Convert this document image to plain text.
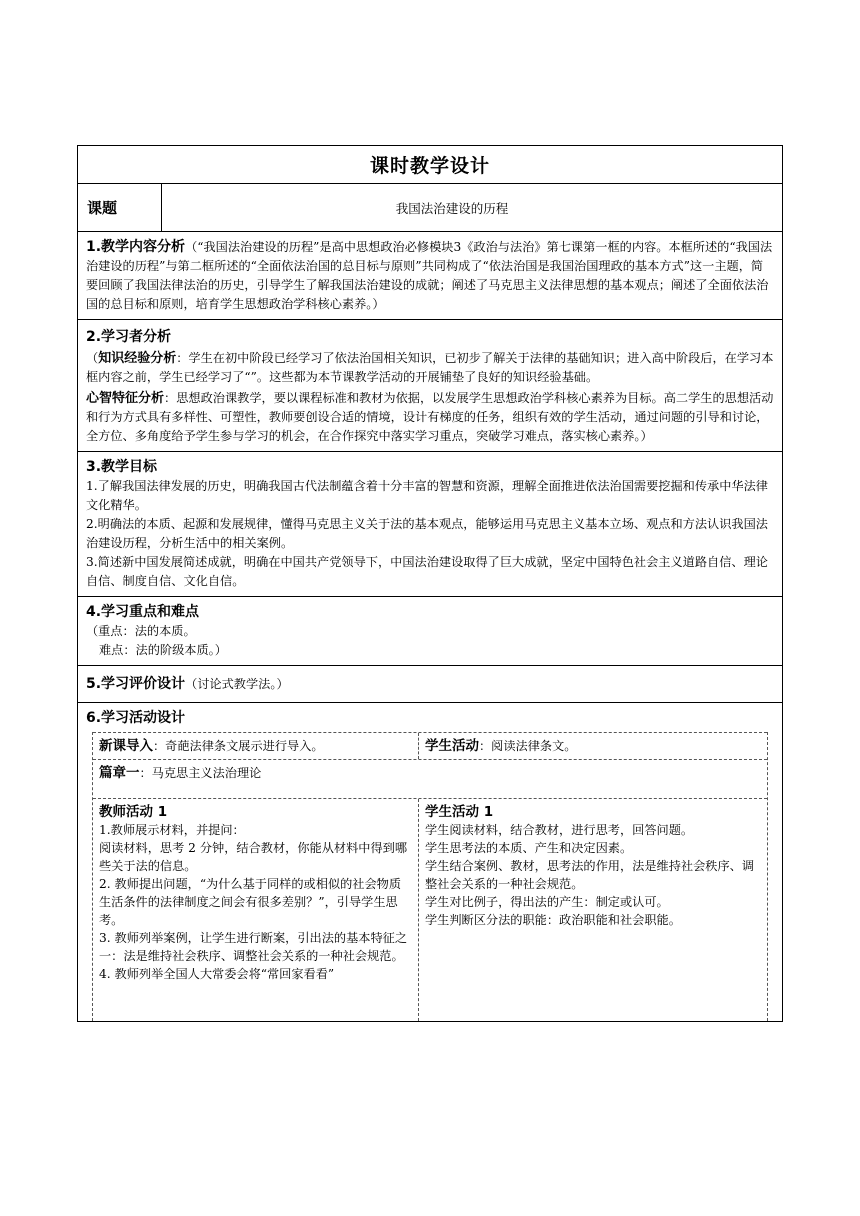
课时教学设计
课题	我国法治建设的历程

1.教学内容分析（“我国法治建设的历程”是高中思想政治必修模块3《政治与法治》第七课第一框的内容。本框所述的“我国法治建设的历程”与第二框所述的“全面依法治国的总目标与原则”共同构成了“依法治国是我国治国理政的基本方式”这一主题，简要回顾了我国法律法治的历史，引导学生了解我国法治建设的成就；阐述了马克思主义法律思想的基本观点；阐述了全面依法治国的总目标和原则，培育学生思想政治学科核心素养。）

2.学习者分析

（知识经验分析：学生在初中阶段已经学习了依法治国相关知识，已初步了解关于法律的基础知识；进入高中阶段后，在学习本框内容之前，学生已经学习了“”。这些都为本节课教学活动的开展铺垫了良好的知识经验基础。

心智特征分析：思想政治课教学，要以课程标准和教材为依据，以发展学生思想政治学科核心素养为目标。高二学生的思想活动和行为方式具有多样性、可塑性，教师要创设合适的情境，设计有梯度的任务，组织有效的学生活动，通过问题的引导和讨论，全方位、多角度给予学生参与学习的机会，在合作探究中落实学习重点，突破学习难点，落实核心素养。）

3.教学目标

1.了解我国法律发展的历史，明确我国古代法制蕴含着十分丰富的智慧和资源，理解全面推进依法治国需要挖掘和传承中华法律文化精华。

2.明确法的本质、起源和发展规律，懂得马克思主义关于法的基本观点，能够运用马克思主义基本立场、观点和方法认识我国法治建设历程，分析生活中的相关案例。

3.简述新中国发展简述成就，明确在中国共产党领导下，中国法治建设取得了巨大成就，坚定中国特色社会主义道路自信、理论自信、制度自信、文化自信。

4.学习重点和难点

（重点：法的本质。

难点：法的阶级本质。）

5.学习评价设计（讨论式教学法。）

6.学习活动设计

新课导入：奇葩法律条文展示进行导入。	学生活动：阅读法律条文。
篇章一：马克思主义法治理论

教师活动 1

1.教师展示材料，并提问：

阅读材料，思考 2 分钟，结合教材，你能从材料中得到哪些关于法的信息。

2. 教师提出问题，“为什么基于同样的或相似的社会物质生活条件的法律制度之间会有很多差别？”，引导学生思考。

3. 教师列举案例，让学生进行断案，引出法的基本特征之一：法是维持社会秩序、调整社会关系的一种社会规范。

4. 教师列举全国人大常委会将“常回家看看”

学生活动 1

学生阅读材料，结合教材，进行思考，回答问题。

学生思考法的本质、产生和决定因素。

学生结合案例、教材，思考法的作用，法是维持社会秩序、调整社会关系的一种社会规范。

学生对比例子，得出法的产生：制定或认可。

学生判断区分法的职能：政治职能和社会职能。
